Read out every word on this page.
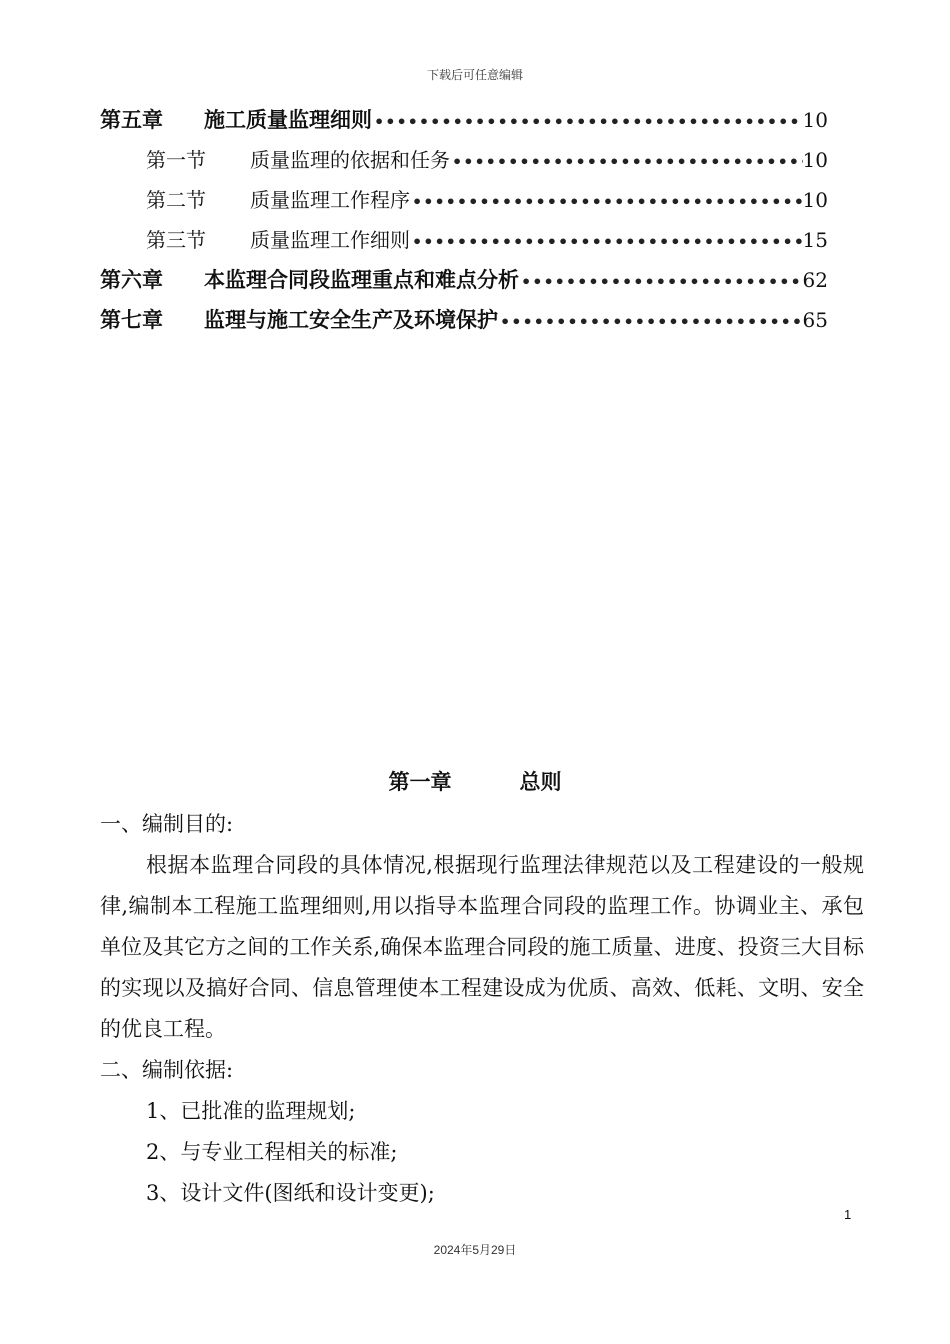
下载后可任意编辑
第五章	施工质量监理细则 •••••	10
第一节	质量监理的依据和任务 •••••	10
第二节	质量监理工作程序 •••••	10
第三节	质量监理工作细则 •••••	15
第六章	本监理合同段监理重点和难点分析 •••••	62
第七章	监理与施工安全生产及环境保护 •••••	65
第一章	总则

一、编制目的:

根据本监理合同段的具体情况,根据现行监理法律规范以及工程建设的一般规律,编制本工程施工监理细则,用以指导本监理合同段的监理工作。协调业主、承包单位及其它方之间的工作关系,确保本监理合同段的施工质量、进度、投资三大目标的实现以及搞好合同、信息管理使本工程建设成为优质、高效、低耗、文明、安全的优良工程。

二、编制依据:

1、已批准的监理规划;

2、与专业工程相关的标准;

3、设计文件(图纸和设计变更);

1
2024年5月29日
